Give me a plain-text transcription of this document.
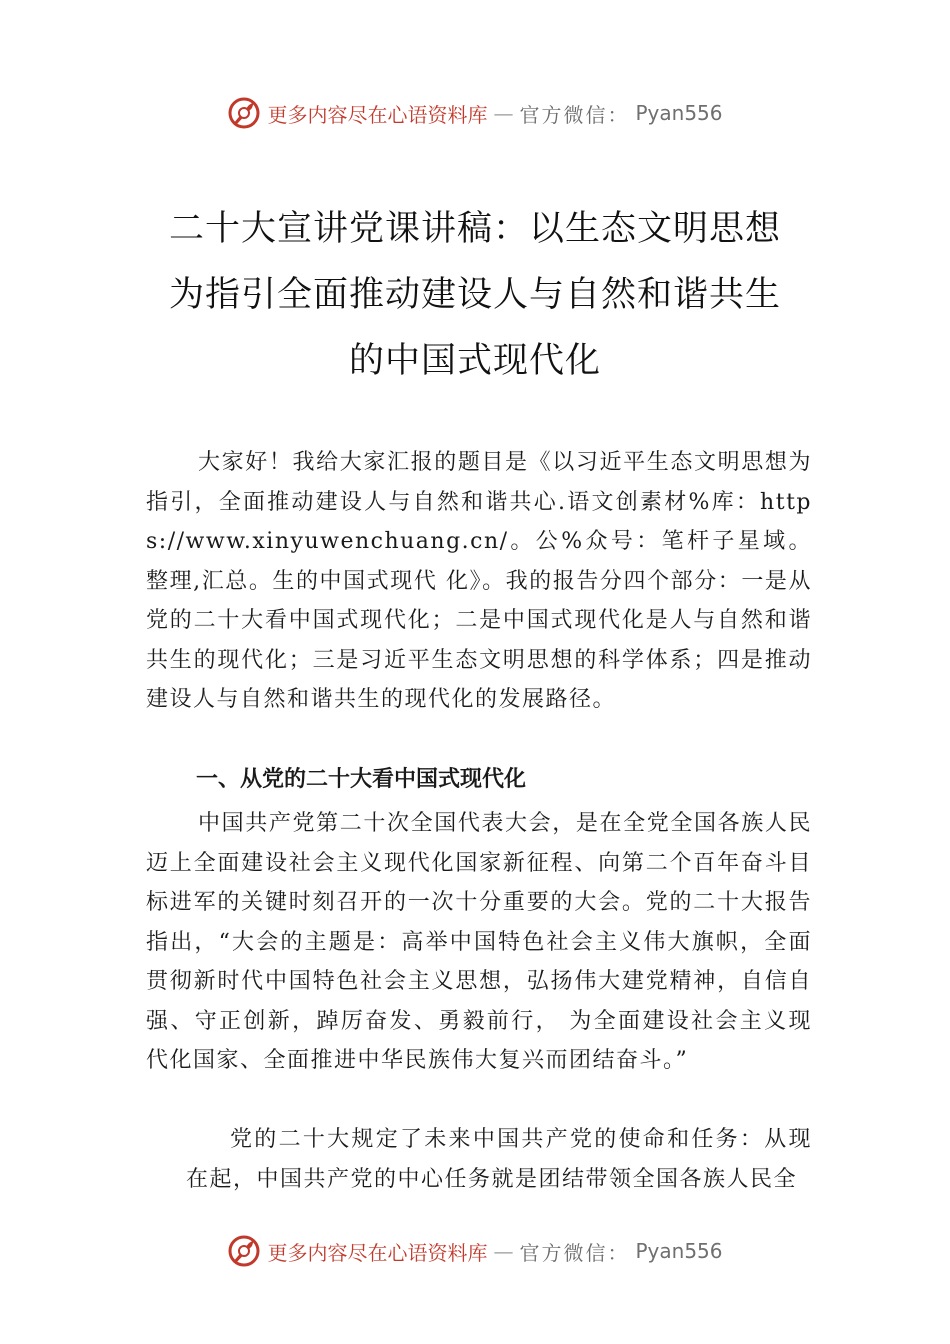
更多内容尽在心语资料库 — 官方微信： Pyan556
二十大宣讲党课讲稿：以生态文明思想
为指引全面推动建设人与自然和谐共生
的中国式现代化
大家好！我给大家汇报的题目是《以习近平生态文明思想为指引，全面推动建设人与自然和谐共心.语文创素材%库：https://www.xinyuwenchuang.cn/。公%众号：笔杆子星域。整理,汇总。生的中国式现代 化》。我的报告分四个部分：一是从党的二十大看中国式现代化；二是中国式现代化是人与自然和谐共生的现代化；三是习近平生态文明思想的科学体系；四是推动建设人与自然和谐共生的现代化的发展路径。
一、从党的二十大看中国式现代化
中国共产党第二十次全国代表大会，是在全党全国各族人民迈上全面建设社会主义现代化国家新征程、向第二个百年奋斗目标进军的关键时刻召开的一次十分重要的大会。党的二十大报告指出，“大会的主题是：高举中国特色社会主义伟大旗帜，全面贯彻新时代中国特色社会主义思想，弘扬伟大建党精神，自信自强、守正创新，踔厉奋发、勇毅前行， 为全面建设社会主义现代化国家、全面推进中华民族伟大复兴而团结奋斗。”
党的二十大规定了未来中国共产党的使命和任务：从现在起，中国共产党的中心任务就是团结带领全国各族人民全
更多内容尽在心语资料库 — 官方微信： Pyan556
